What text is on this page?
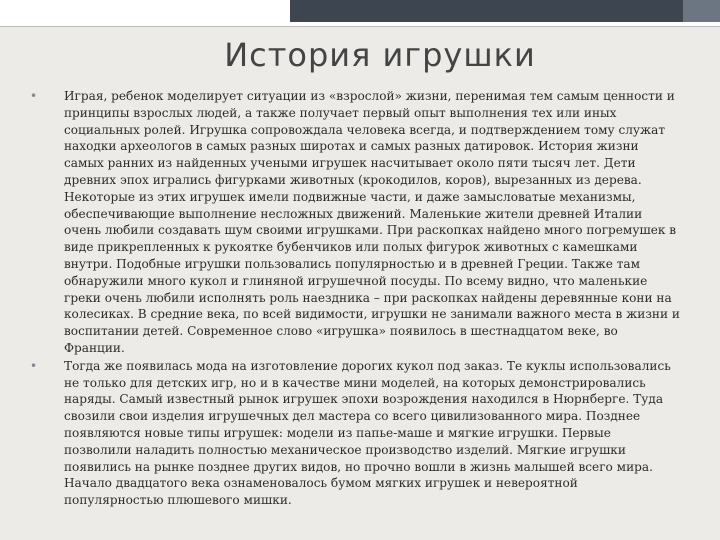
История игрушки
• Играя, ребенок моделирует ситуации из «взрослой» жизни, перенимая тем самым ценности и принципы взрослых людей, а также получает первый опыт выполнения тех или иных социальных ролей. Игрушка сопровождала человека всегда, и подтверждением тому служат находки археологов в самых разных широтах и самых разных датировок. История жизни самых ранних из найденных учеными игрушек насчитывает около пяти тысяч лет. Дети древних эпох игрались фигурками животных (крокодилов, коров), вырезанных из дерева. Некоторые из этих игрушек имели подвижные части, и даже замысловатые механизмы, обеспечивающие выполнение несложных движений. Маленькие жители древней Италии очень любили создавать шум своими игрушками. При раскопках найдено много погремушек в виде прикрепленных к рукоятке бубенчиков или полых фигурок животных с камешками внутри. Подобные игрушки пользовались популярностью и в древней Греции. Также там обнаружили много кукол и глиняной игрушечной посуды. По всему видно, что маленькие греки очень любили исполнять роль наездника – при раскопках найдены деревянные кони на колесиках. В средние века, по всей видимости, игрушки не занимали важного места в жизни и воспитании детей. Современное слово «игрушка» появилось в шестнадцатом веке, во Франции.
• Тогда же появилась мода на изготовление дорогих кукол под заказ. Те куклы использовались не только для детских игр, но и в качестве мини моделей, на которых демонстрировались наряды. Самый известный рынок игрушек эпохи возрождения находился в Нюрнберге. Туда свозили свои изделия игрушечных дел мастера со всего цивилизованного мира. Позднее появляются новые типы игрушек: модели из папье-маше и мягкие игрушки. Первые позволили наладить полностью механическое производство изделий. Мягкие игрушки появились на рынке позднее других видов, но прочно вошли в жизнь малышей всего мира. Начало двадцатого века ознаменовалось бумом мягких игрушек и невероятной популярностью плюшевого мишки.
